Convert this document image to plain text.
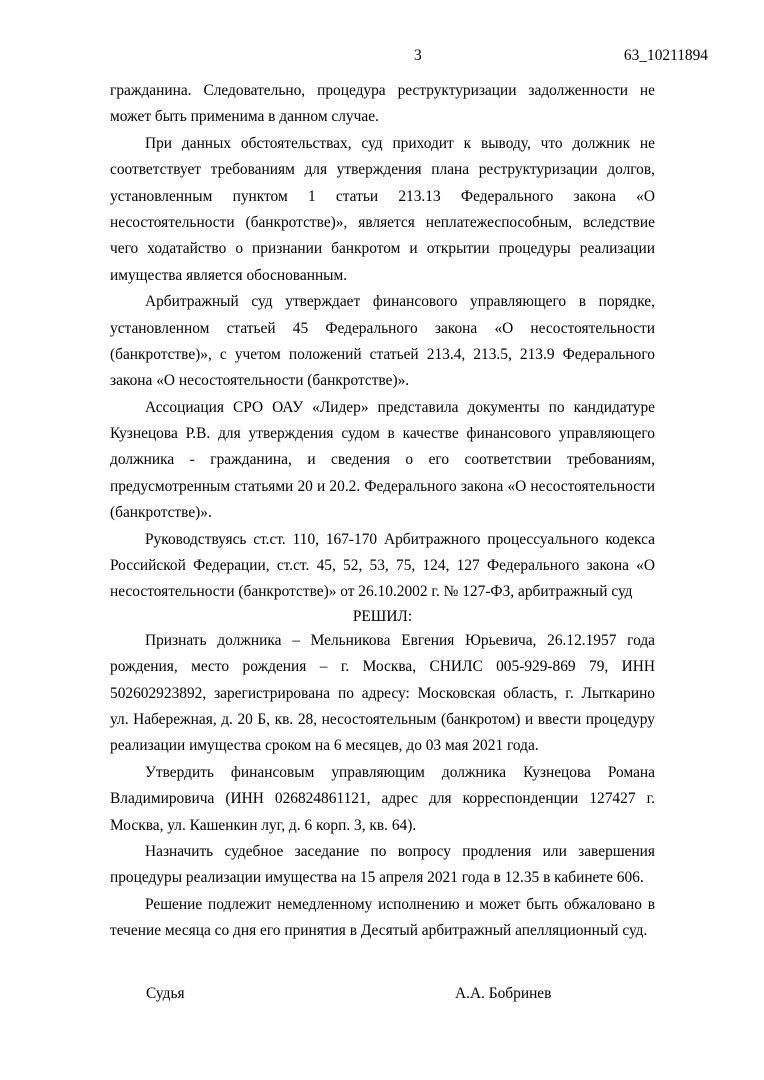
3	63_10211894
гражданина. Следовательно, процедура реструктуризации задолженности не
может быть применима в данном случае.
При данных обстоятельствах, суд приходит к выводу, что должник не
соответствует требованиям для утверждения плана реструктуризации долгов,
установленным пунктом 1 статьи 213.13 Федерального закона «О
несостоятельности (банкротстве)», является неплатежеспособным, вследствие
чего ходатайство о признании банкротом и открытии процедуры реализации
имущества является обоснованным.
Арбитражный суд утверждает финансового управляющего в порядке,
установленном статьей 45 Федерального закона «О несостоятельности
(банкротстве)», с учетом положений статьей 213.4, 213.5, 213.9 Федерального
закона «О несостоятельности (банкротстве)».
Ассоциация СРО ОАУ «Лидер» представила документы по кандидатуре
Кузнецова Р.В. для утверждения судом в качестве финансового управляющего
должника - гражданина, и сведения о его соответствии требованиям,
предусмотренным статьями 20 и 20.2. Федерального закона «О несостоятельности
(банкротстве)».
Руководствуясь ст.ст. 110, 167-170 Арбитражного процессуального кодекса
Российской Федерации, ст.ст. 45, 52, 53, 75, 124, 127 Федерального закона «О
несостоятельности (банкротстве)» от 26.10.2002 г. № 127-ФЗ, арбитражный суд
РЕШИЛ:
Признать должника – Мельникова Евгения Юрьевича, 26.12.1957 года
рождения, место рождения – г. Москва, СНИЛС 005-929-869 79, ИНН
502602923892, зарегистрирована по адресу: Московская область, г. Лыткарино
ул. Набережная, д. 20 Б, кв. 28, несостоятельным (банкротом) и ввести процедуру
реализации имущества сроком на 6 месяцев, до 03 мая 2021 года.
Утвердить финансовым управляющим должника Кузнецова Романа
Владимировича (ИНН 026824861121, адрес для корреспонденции 127427 г.
Москва, ул. Кашенкин луг, д. 6 корп. 3, кв. 64).
Назначить судебное заседание по вопросу продления или завершения
процедуры реализации имущества на 15 апреля 2021 года в 12.35 в кабинете 606.
Решение подлежит немедленному исполнению и может быть обжаловано в
течение месяца со дня его принятия в Десятый арбитражный апелляционный суд.
Судья	А.А. Бобринев
